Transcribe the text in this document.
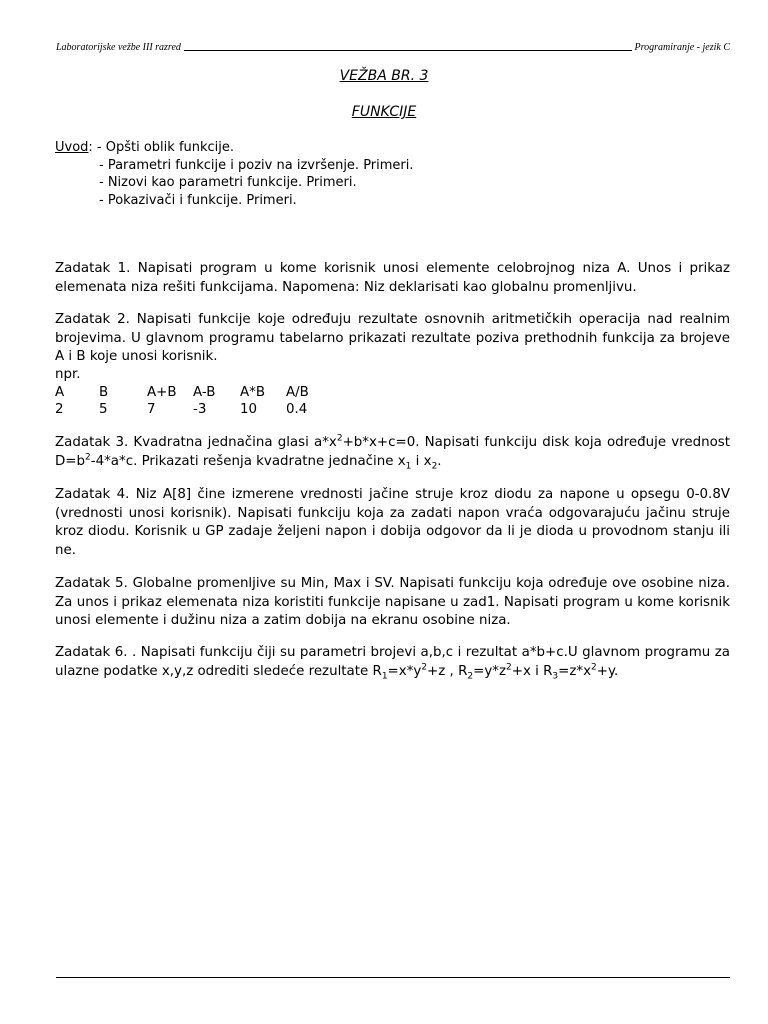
Laboratorijske vežbe III razred	Programiranje - jezik C
VEŽBA BR. 3
FUNKCIJE
Uvod: - Opšti oblik funkcije.
- Parametri funkcije i poziv na izvršenje. Primeri.
- Nizovi kao parametri funkcije. Primeri.
- Pokazivači i funkcije. Primeri.
Zadatak 1. Napisati program u kome korisnik unosi elemente celobrojnog niza A. Unos i prikaz elemenata niza rešiti funkcijama. Napomena: Niz deklarisati kao globalnu promenljivu.
Zadatak 2. Napisati funkcije koje određuju rezultate osnovnih aritmetičkih operacija nad realnim brojevima. U glavnom programu tabelarno prikazati rezultate poziva prethodnih funkcija za brojeve A i B koje unosi korisnik.
npr.
A	B	A+B	A-B	A*B	A/B
2	5	7	-3	10	0.4
Zadatak 3. Kvadratna jednačina glasi $a*x^2+b*x+c=0$. Napisati funkciju disk koja određuje vrednost $D=b^2-4*a*c$. Prikazati rešenja kvadratne jednačine $x_1$ i $x_2$.
Zadatak 4. Niz A[8] čine izmerene vrednosti jačine struje kroz diodu za napone u opsegu 0-0.8V (vrednosti unosi korisnik). Napisati funkciju koja za zadati napon vraća odgovarajuću jačinu struje kroz diodu. Korisnik u GP zadaje željeni napon i dobija odgovor da li je dioda u provodnom stanju ili ne.
Zadatak 5. Globalne promenljive su Min, Max i SV. Napisati funkciju koja određuje ove osobine niza. Za unos i prikaz elemenata niza koristiti funkcije napisane u zad1. Napisati program u kome korisnik unosi elemente i dužinu niza a zatim dobija na ekranu osobine niza.
Zadatak 6. . Napisati funkciju čiji su parametri brojevi a,b,c i rezultat a*b+c.U glavnom programu za ulazne podatke x,y,z odrediti sledeće rezultate $R_1=x*y^2+z$ , $R_2=y*z^2+x$ i $R_3=z*x^2+y$.
